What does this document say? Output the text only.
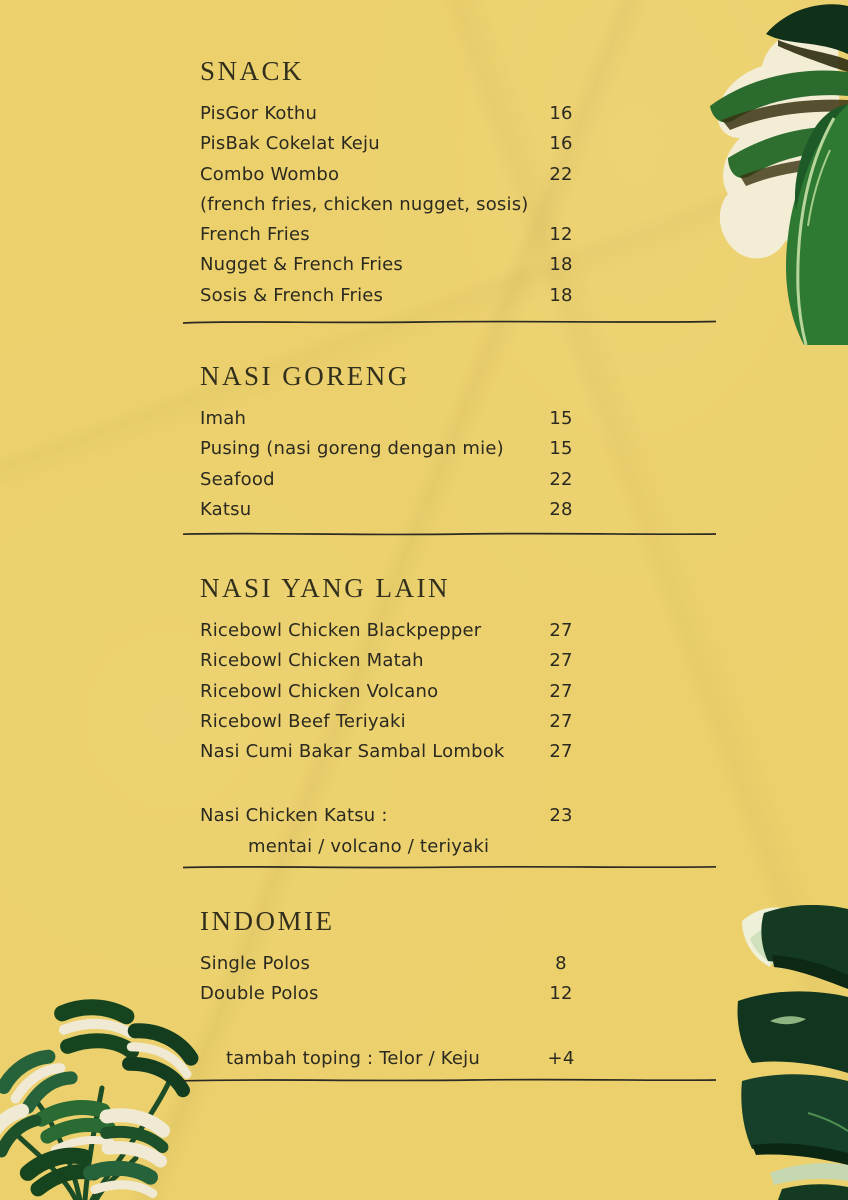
SNACK
PisGor Kothu	16
PisBak Cokelat Keju	16
Combo Wombo	22
(french fries, chicken nugget, sosis)
French Fries	12
Nugget & French Fries	18
Sosis & French Fries	18
NASI GORENG
Imah	15
Pusing (nasi goreng dengan mie)	15
Seafood	22
Katsu	28
NASI YANG LAIN
Ricebowl Chicken Blackpepper	27
Ricebowl Chicken Matah	27
Ricebowl Chicken Volcano	27
Ricebowl Beef Teriyaki	27
Nasi Cumi Bakar Sambal Lombok	27
Nasi Chicken Katsu :	23
mentai / volcano / teriyaki
INDOMIE
Single Polos	8
Double Polos	12
tambah toping : Telor / Keju	+4
